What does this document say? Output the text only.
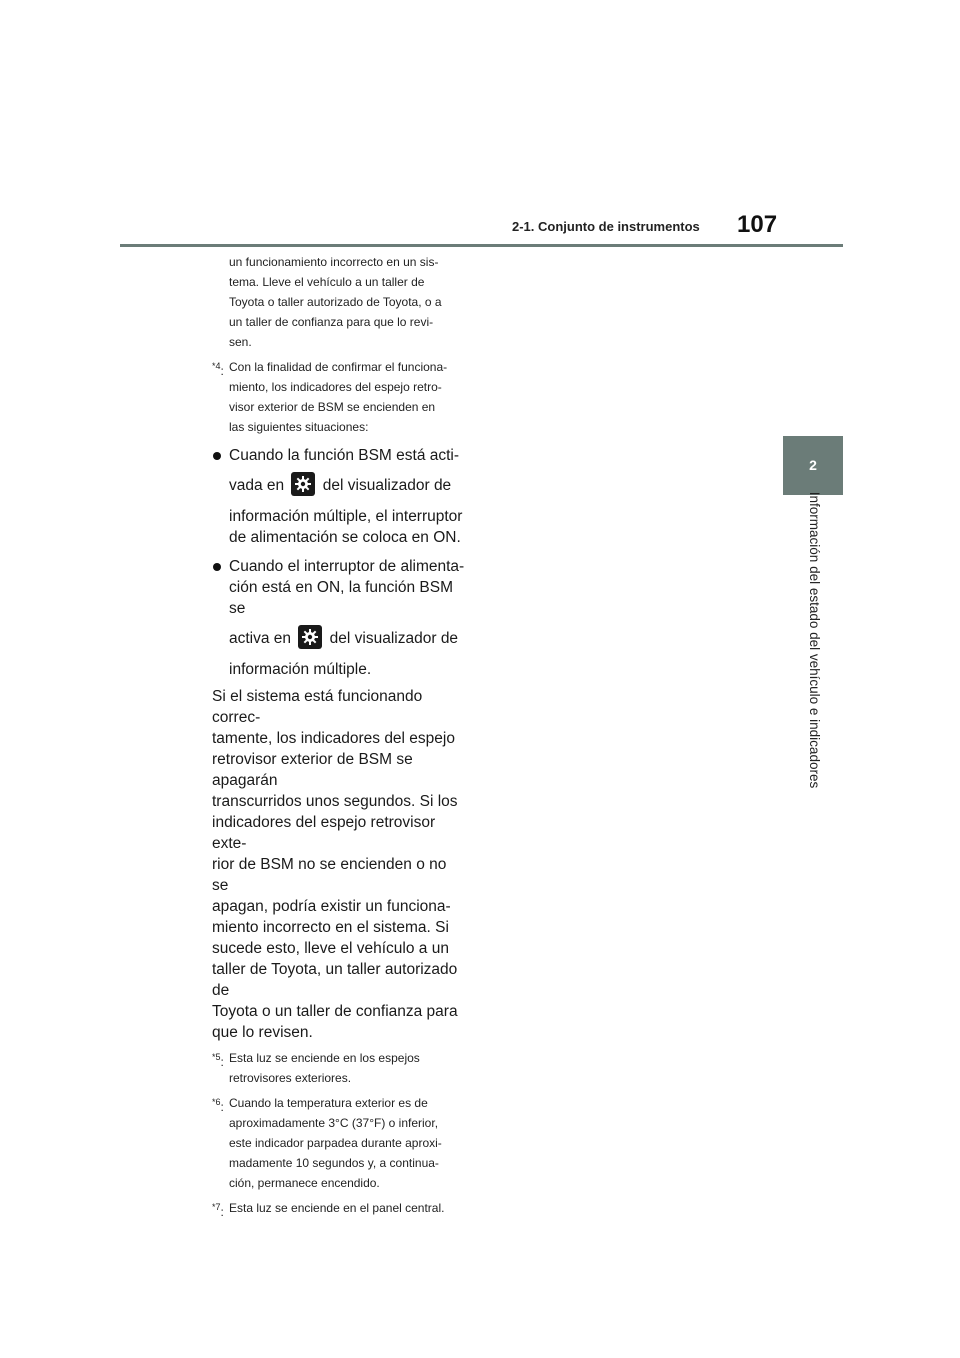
2-1. Conjunto de instrumentos 107
2
Información del estado del vehículo e indicadores
un funcionamiento incorrecto en un sis-
tema. Lleve el vehículo a un taller de
Toyota o taller autorizado de Toyota, o a
un taller de confianza para que lo revi-
sen.
$^{*4}$: Con la finalidad de confirmar el funciona-
miento, los indicadores del espejo retro-
visor exterior de BSM se encienden en
las siguientes situaciones:
Cuando la función BSM está acti-
vada en del visualizador de
información múltiple, el interruptor
de alimentación se coloca en ON.
Cuando el interruptor de alimenta-
ción está en ON, la función BSM se
activa en del visualizador de
información múltiple.
Si el sistema está funcionando correc-
tamente, los indicadores del espejo
retrovisor exterior de BSM se apagarán
transcurridos unos segundos. Si los
indicadores del espejo retrovisor exte-
rior de BSM no se encienden o no se
apagan, podría existir un funciona-
miento incorrecto en el sistema. Si
sucede esto, lleve el vehículo a un
taller de Toyota, un taller autorizado de
Toyota o un taller de confianza para
que lo revisen.
$^{*5}$: Esta luz se enciende en los espejos
retrovisores exteriores.
$^{*6}$: Cuando la temperatura exterior es de
aproximadamente 3°C (37°F) o inferior,
este indicador parpadea durante aproxi-
madamente 10 segundos y, a continua-
ción, permanece encendido.
$^{*7}$: Esta luz se enciende en el panel central.
